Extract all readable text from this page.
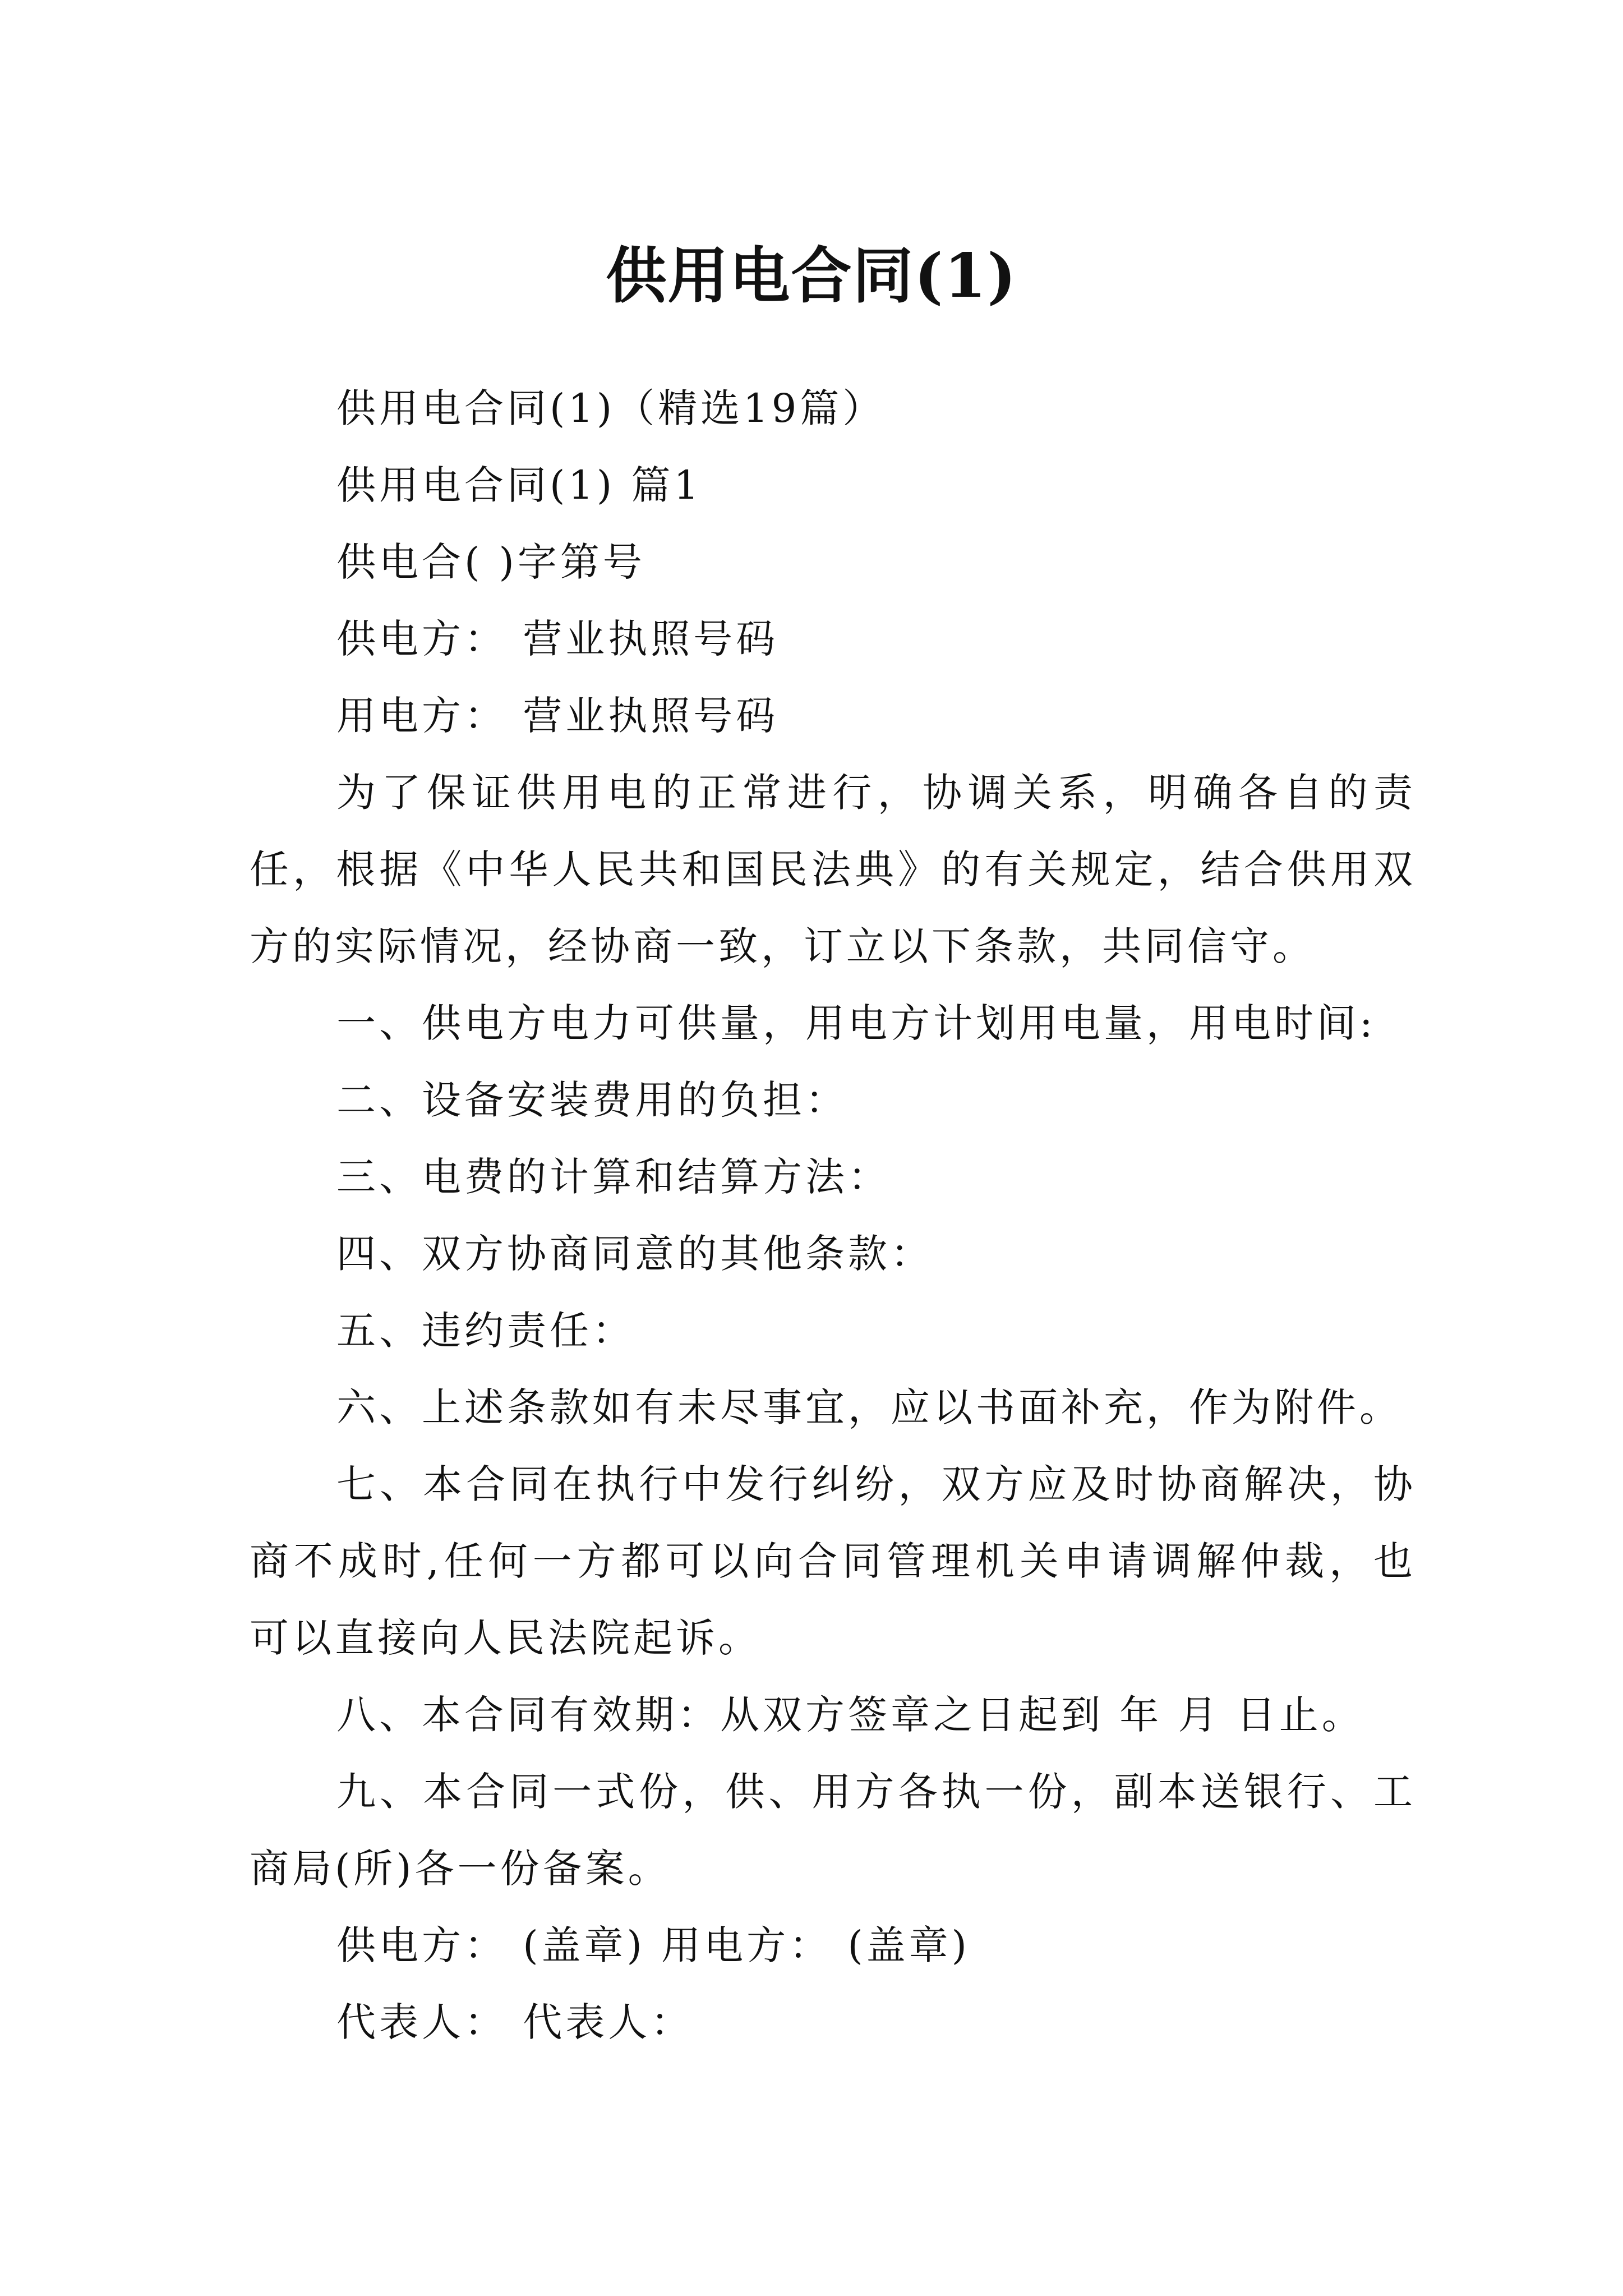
供用电合同(1)

供用电合同(1)（精选19篇）

供用电合同(1) 篇1

供电合( )字第号

供电方： 营业执照号码

用电方： 营业执照号码

为了保证供用电的正常进行，协调关系，明确各自的责任，根据《中华人民共和国民法典》的有关规定，结合供用双方的实际情况，经协商一致，订立以下条款，共同信守。

一、供电方电力可供量，用电方计划用电量，用电时间:

二、设备安装费用的负担：

三、电费的计算和结算方法：

四、双方协商同意的其他条款：

五、违约责任：

六、上述条款如有未尽事宜，应以书面补充，作为附件。

七、本合同在执行中发行纠纷，双方应及时协商解决，协商不成时,任何一方都可以向合同管理机关申请调解仲裁，也可以直接向人民法院起诉。

八、本合同有效期：从双方签章之日起到 年 月 日止。

九、本合同一式份，供、用方各执一份，副本送银行、工商局(所)各一份备案。

供电方： (盖章) 用电方： (盖章)

代表人： 代表人：
